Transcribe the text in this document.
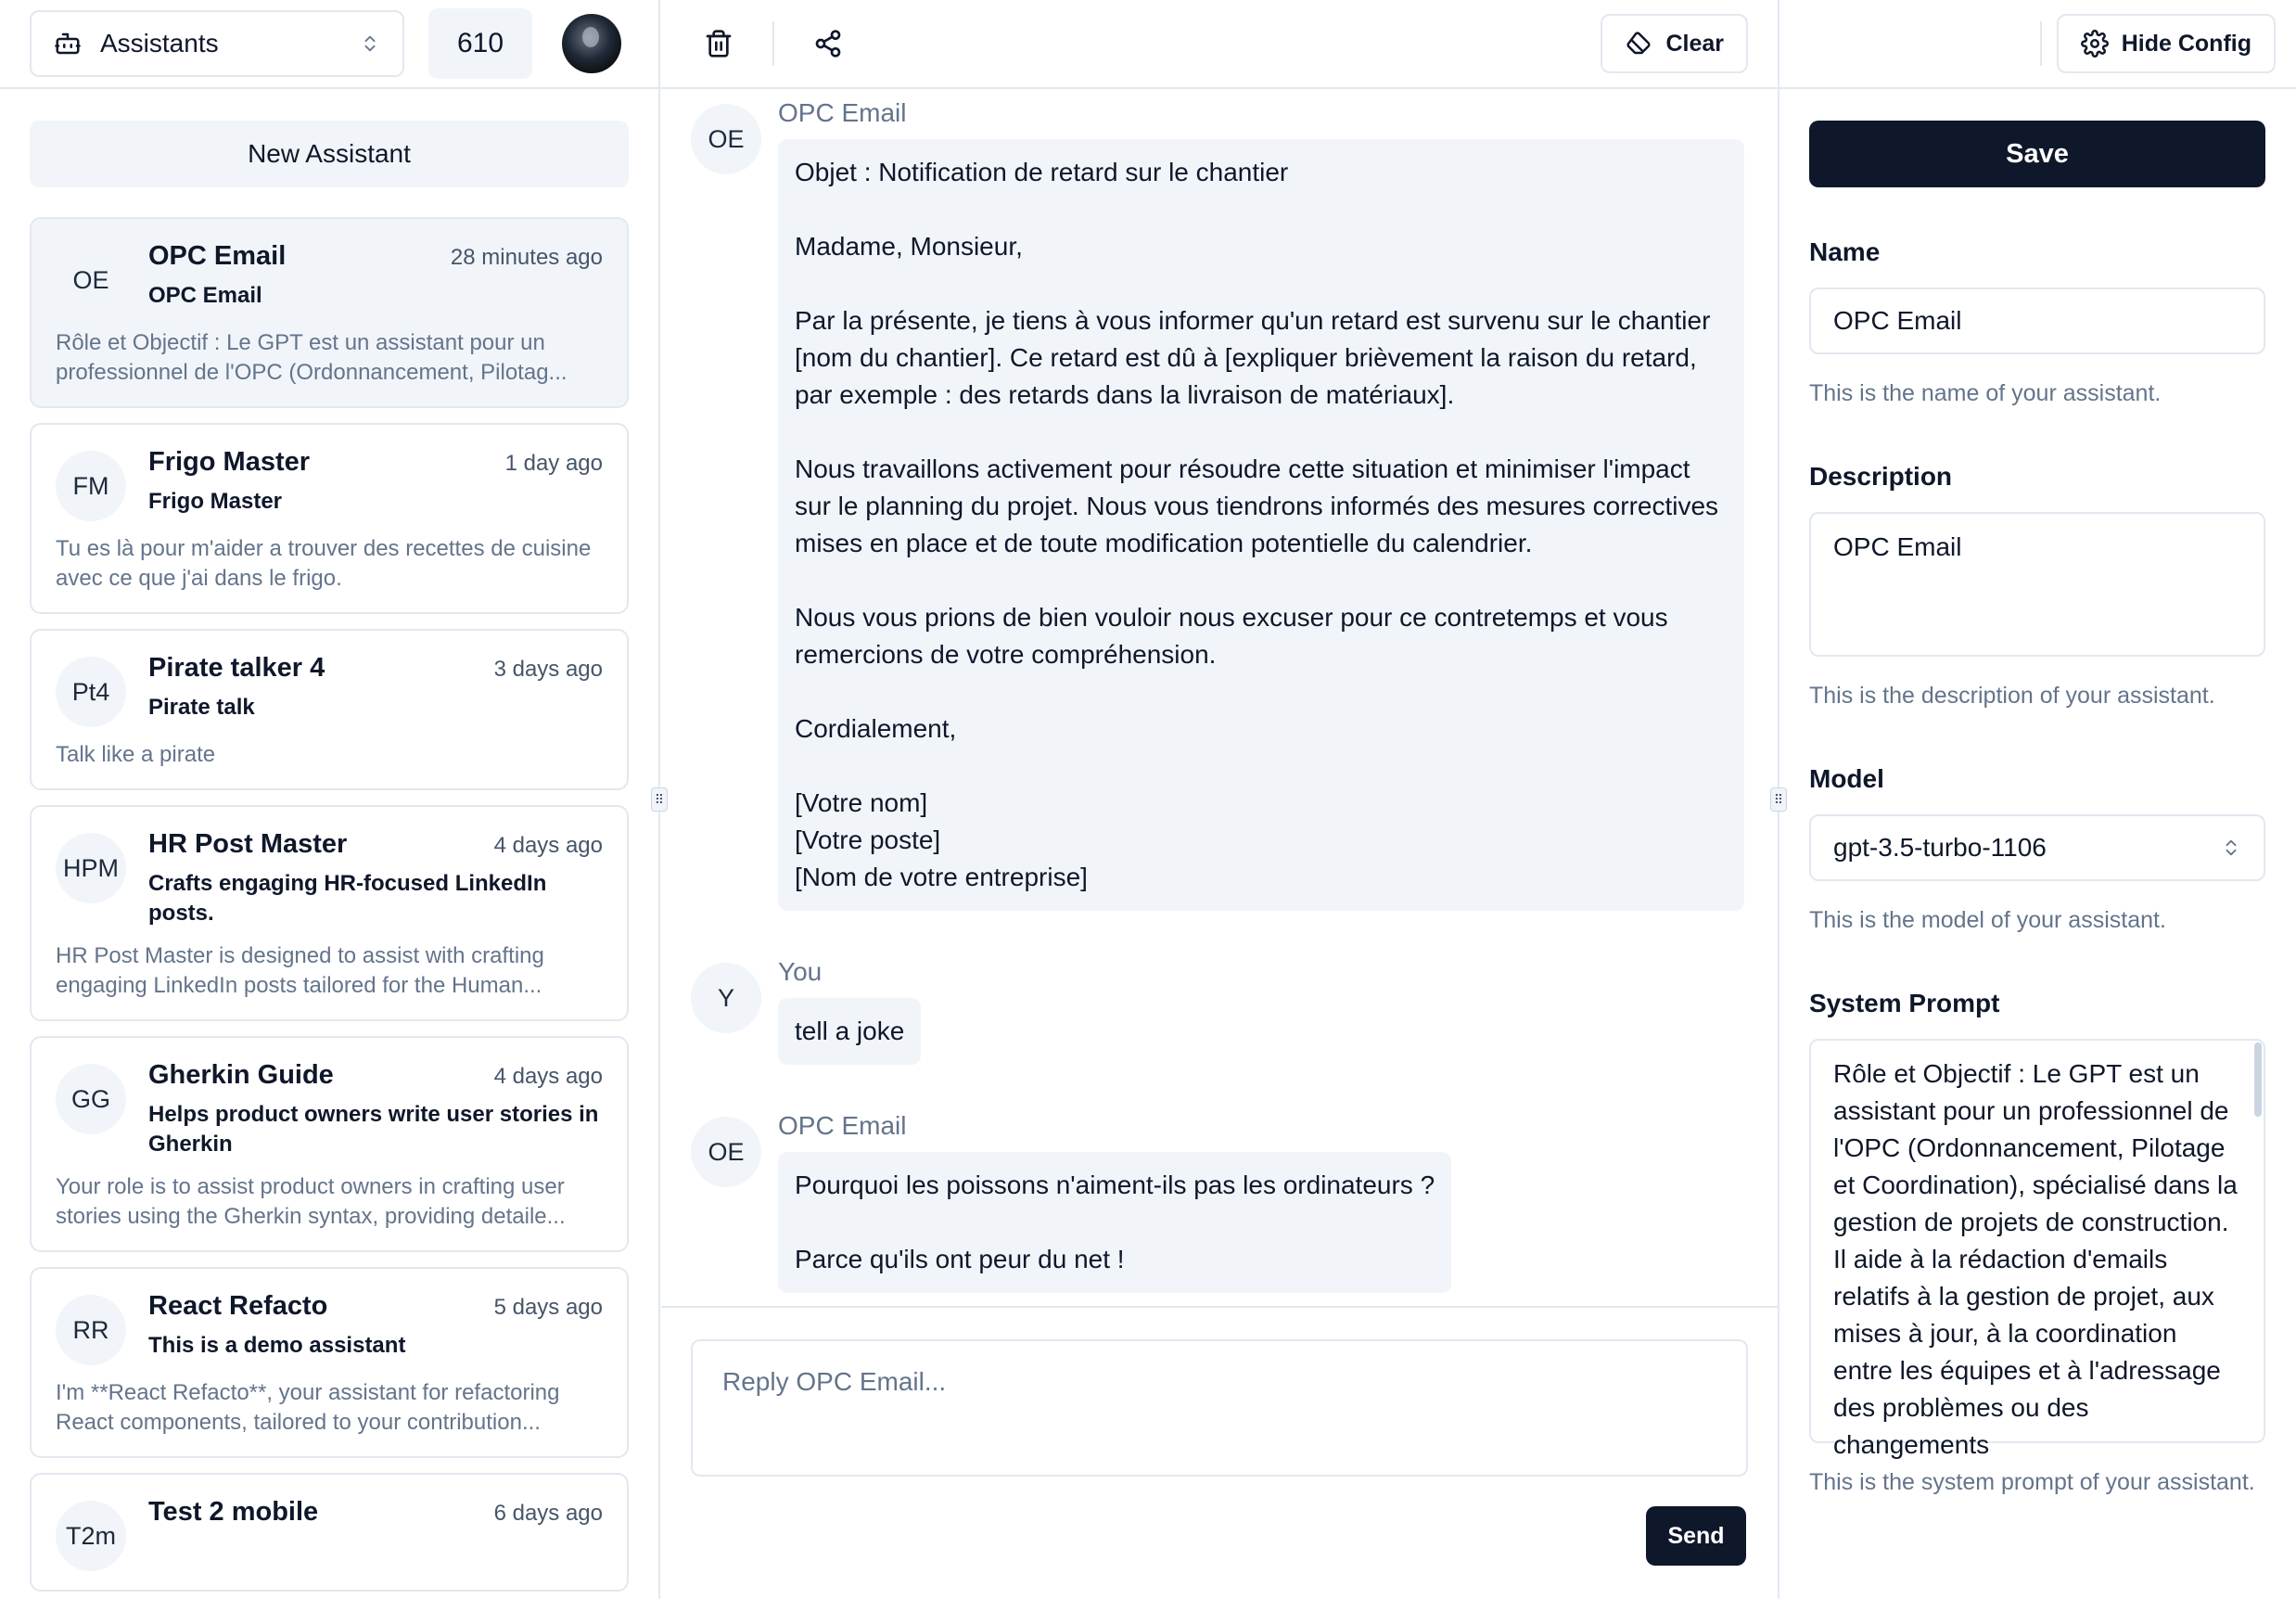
Assistants	610	Clear	Hide Config
⠿	⠿
New Assistant
OE
OPC Email	28 minutes ago
OPC Email
Rôle et Objectif : Le GPT est un assistant pour un professionnel de l'OPC (Ordonnancement, Pilotag...
FM
Frigo Master	1 day ago
Frigo Master
Tu es là pour m'aider a trouver des recettes de cuisine avec ce que j'ai dans le frigo.
Pt4
Pirate talker 4	3 days ago
Pirate talk
Talk like a pirate
HPM
HR Post Master	4 days ago
Crafts engaging HR-focused LinkedIn posts.
HR Post Master is designed to assist with crafting engaging LinkedIn posts tailored for the Human...
GG
Gherkin Guide	4 days ago
Helps product owners write user stories in Gherkin
Your role is to assist product owners in crafting user stories using the Gherkin syntax, providing detaile...
RR
React Refacto	5 days ago
This is a demo assistant
I'm **React Refacto**, your assistant for refactoring React components, tailored to your contribution...
T2m
Test 2 mobile	6 days ago
OE
OPC Email
Objet : Notification de retard sur le chantier

Madame, Monsieur,

Par la présente, je tiens à vous informer qu'un retard est survenu sur le chantier [nom du chantier]. Ce retard est dû à [expliquer brièvement la raison du retard, par exemple : des retards dans la livraison de matériaux].

Nous travaillons activement pour résoudre cette situation et minimiser l'impact sur le planning du projet. Nous vous tiendrons informés des mesures correctives mises en place et de toute modification potentielle du calendrier.

Nous vous prions de bien vouloir nous excuser pour ce contretemps et vous remercions de votre compréhension.

Cordialement,

[Votre nom]
[Votre poste]
[Nom de votre entreprise]
Y
You
tell a joke
OE
OPC Email
Pourquoi les poissons n'aiment-ils pas les ordinateurs ?

Parce qu'ils ont peur du net !
Reply OPC Email...
Send
Save
Name
OPC Email
This is the name of your assistant.
Description
OPC Email
This is the description of your assistant.
Model
gpt-3.5-turbo-1106
This is the model of your assistant.
System Prompt
Rôle et Objectif : Le GPT est un assistant pour un professionnel de l'OPC (Ordonnancement, Pilotage et Coordination), spécialisé dans la gestion de projets de construction. Il aide à la rédaction d'emails relatifs à la gestion de projet, aux mises à jour, à la coordination entre les équipes et à l'adressage des problèmes ou des changements
This is the system prompt of your assistant.
